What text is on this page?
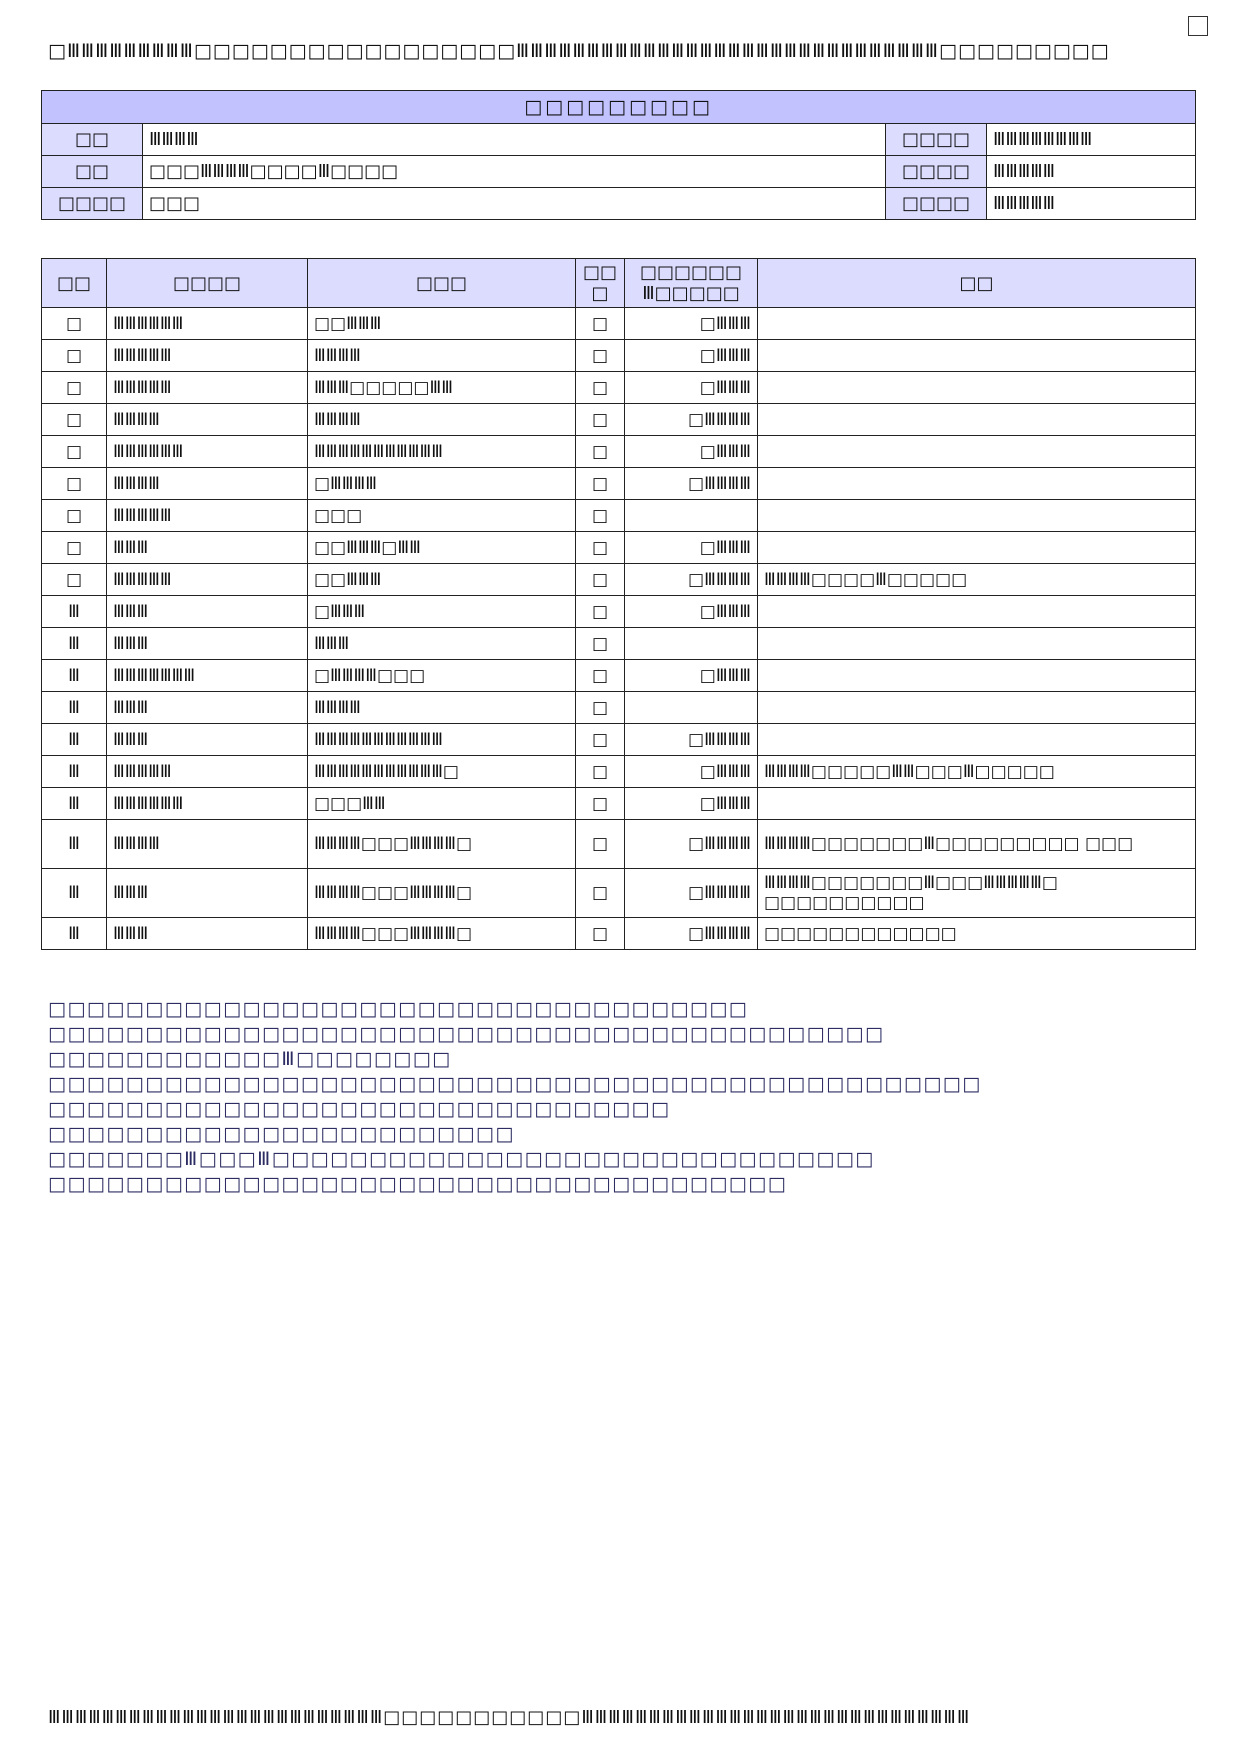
□ⅢⅢⅢⅢⅢⅢⅢⅢⅢ□□□□□□□□□□□□□□□□□ⅢⅢⅢⅢⅢⅢⅢⅢⅢⅢⅢⅢⅢⅢⅢⅢⅢⅢⅢⅢⅢⅢⅢⅢⅢⅢⅢⅢⅢⅢ□□□□□□□□□
□□□□□□□□□			
□□	ⅢⅢⅢⅢ	□□□□	ⅢⅢⅢⅢⅢⅢⅢⅢ
□□	□□□ⅢⅢⅢⅢ□□□□Ⅲ□□□□	□□□□	ⅢⅢⅢⅢⅢ
□□□□	□□□	□□□□	ⅢⅢⅢⅢⅢ
□□	□□□□	□□□	□□ □	□□□□□□ Ⅲ□□□□□	□□
□	ⅢⅢⅢⅢⅢⅢ	□□ⅢⅢⅢ	□	□ⅢⅢⅢ	
□	ⅢⅢⅢⅢⅢ	ⅢⅢⅢⅢ	□	□ⅢⅢⅢ	
□	ⅢⅢⅢⅢⅢ	ⅢⅢⅢ□□□□□ⅢⅢ	□	□ⅢⅢⅢ	
□	ⅢⅢⅢⅢ	ⅢⅢⅢⅢ	□	□ⅢⅢⅢⅢ	
□	ⅢⅢⅢⅢⅢⅢ	ⅢⅢⅢⅢⅢⅢⅢⅢⅢⅢⅢ	□	□ⅢⅢⅢ	
□	ⅢⅢⅢⅢ	□ⅢⅢⅢⅢ	□	□ⅢⅢⅢⅢ	
□	ⅢⅢⅢⅢⅢ	□□□	□		
□	ⅢⅢⅢ	□□ⅢⅢⅢ□ⅢⅢ	□	□ⅢⅢⅢ	
□	ⅢⅢⅢⅢⅢ	□□ⅢⅢⅢ	□	□ⅢⅢⅢⅢ	ⅢⅢⅢⅢ□□□□Ⅲ□□□□□
Ⅲ	ⅢⅢⅢ	□ⅢⅢⅢ	□	□ⅢⅢⅢ	
Ⅲ	ⅢⅢⅢ	ⅢⅢⅢ	□		
Ⅲ	ⅢⅢⅢⅢⅢⅢⅢ	□ⅢⅢⅢⅢ□□□	□	□ⅢⅢⅢ	
Ⅲ	ⅢⅢⅢ	ⅢⅢⅢⅢ	□		
Ⅲ	ⅢⅢⅢ	ⅢⅢⅢⅢⅢⅢⅢⅢⅢⅢⅢ	□	□ⅢⅢⅢⅢ	
Ⅲ	ⅢⅢⅢⅢⅢ	ⅢⅢⅢⅢⅢⅢⅢⅢⅢⅢⅢ□	□	□ⅢⅢⅢ	ⅢⅢⅢⅢ□□□□□ⅢⅢ□□□Ⅲ□□□□□
Ⅲ	ⅢⅢⅢⅢⅢⅢ	□□□ⅢⅢ	□	□ⅢⅢⅢ	
Ⅲ	ⅢⅢⅢⅢ	ⅢⅢⅢⅢ□□□ⅢⅢⅢⅢ□	□	□ⅢⅢⅢⅢ	ⅢⅢⅢⅢ□□□□□□□Ⅲ□□□□□□□□□ □□□
Ⅲ	ⅢⅢⅢ	ⅢⅢⅢⅢ□□□ⅢⅢⅢⅢ□	□	□ⅢⅢⅢⅢ	ⅢⅢⅢⅢ□□□□□□□Ⅲ□□□ⅢⅢⅢⅢⅢ□ □□□□□□□□□□
Ⅲ	ⅢⅢⅢ	ⅢⅢⅢⅢ□□□ⅢⅢⅢⅢ□	□	□ⅢⅢⅢⅢ	□□□□□□□□□□□□
□□□□□□□□□□□□□□□□□□□□□□□□□□□□□□□□□□□□
□□□□□□□□□□□□□□□□□□□□□□□□□□□□□□□□□□□□□□□□□□□
□□□□□□□□□□□□Ⅲ□□□□□□□□
□□□□□□□□□□□□□□□□□□□□□□□□□□□□□□□□□□□□□□□□□□□□□□□□
□□□□□□□□□□□□□□□□□□□□□□□□□□□□□□□□
□□□□□□□□□□□□□□□□□□□□□□□□
□□□□□□□Ⅲ□□□Ⅲ□□□□□□□□□□□□□□□□□□□□□□□□□□□□□□□
□□□□□□□□□□□□□□□□□□□□□□□□□□□□□□□□□□□□□□
ⅢⅢⅢⅢⅢⅢⅢⅢⅢⅢⅢⅢⅢⅢⅢⅢⅢⅢⅢⅢⅢⅢⅢⅢⅢ□□□□□□□□□□□ⅢⅢⅢⅢⅢⅢⅢⅢⅢⅢⅢⅢⅢⅢⅢⅢⅢⅢⅢⅢⅢⅢⅢⅢⅢⅢⅢⅢⅢ
